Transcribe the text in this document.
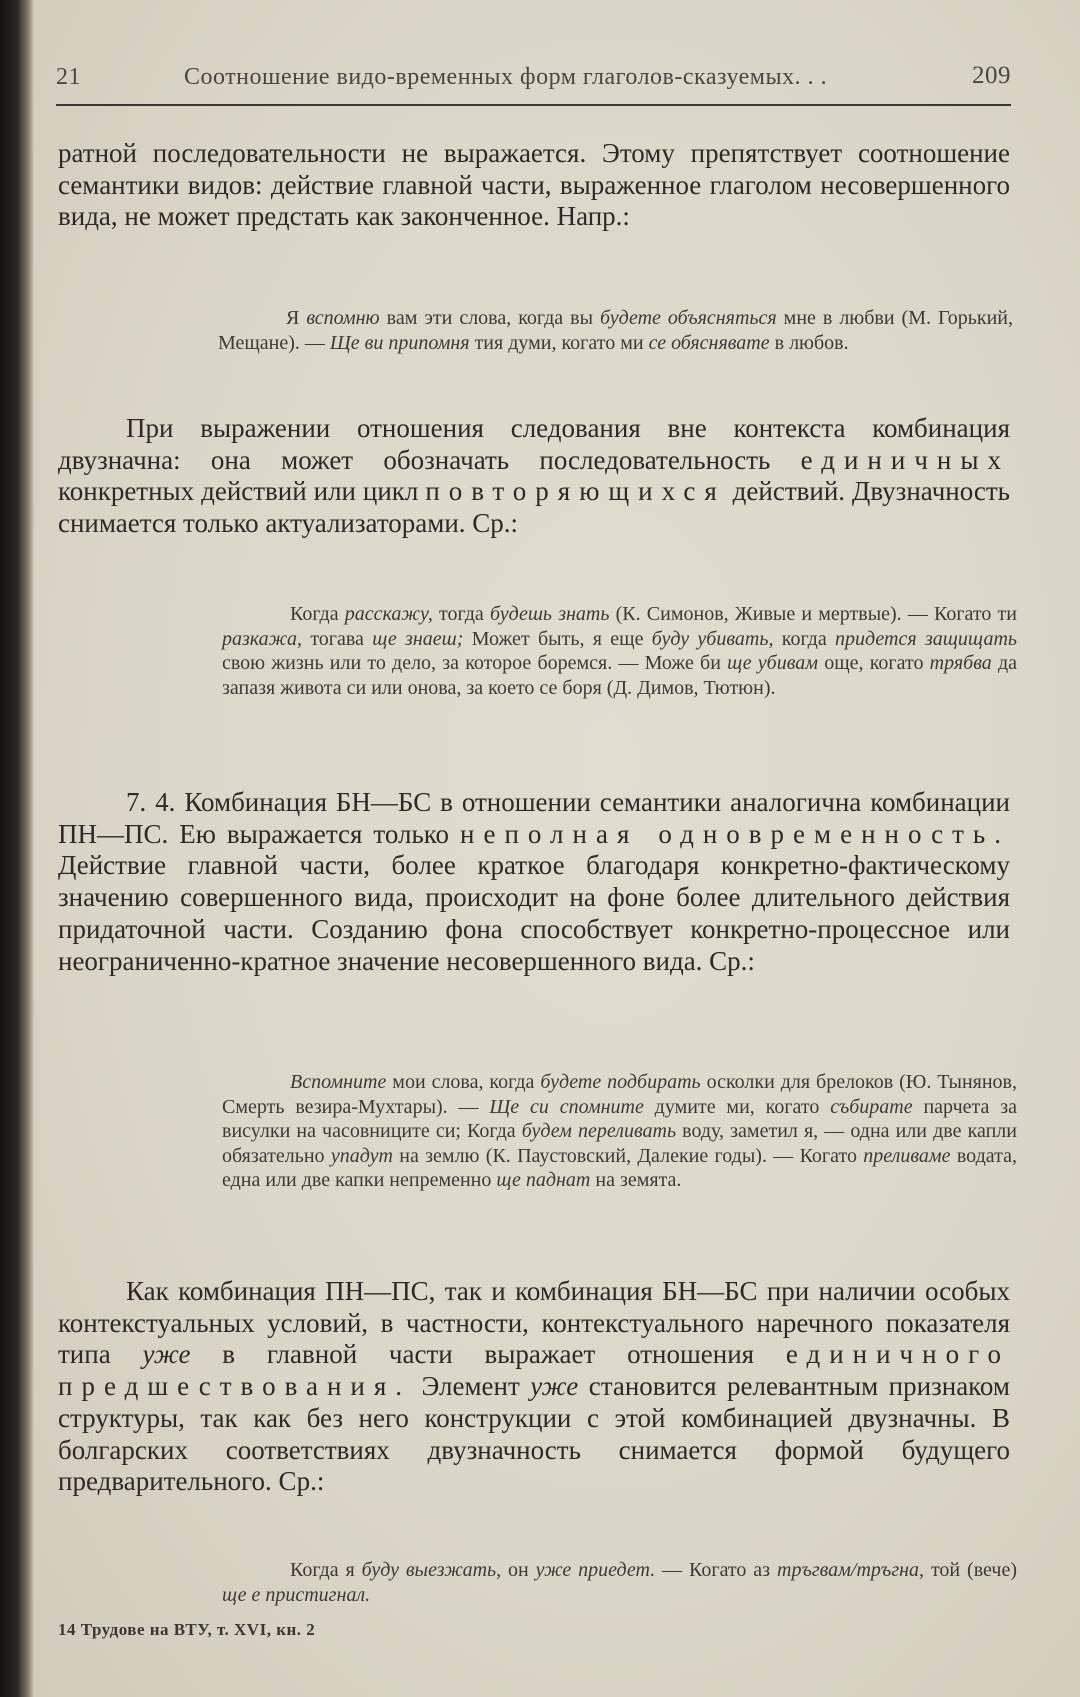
21	Соотношение видо-временных форм глаголов-сказуемых. . .	209

ратной последовательности не выражается. Этому препятствует соотношение семантики видов: действие главной части, выраженное глаголом несовершенного вида, не может предстать как законченное. Напр.:

Я вспомню вам эти слова, когда вы будете объясняться мне в любви (М. Горький, Мещане). — Ще ви припомня тия думи, когато ми се обяснявате в любов.

При выражении отношения следования вне контекста комбинация двузначна: она может обозначать последовательность единичных конкретных действий или цикл повторяющихся действий. Двузначность снимается только актуализаторами. Ср.:

Когда расскажу, тогда будешь знать (К. Симонов, Живые и мертвые). — Когато ти разкажа, тогава ще знаеш; Может быть, я еще буду убивать, когда придется защищать свою жизнь или то дело, за которое боремся. — Може би ще убивам още, когато трябва да запазя живота си или онова, за което се боря (Д. Димов, Тютюн).

7. 4. Комбинация БН—БС в отношении семантики аналогична комбинации ПН—ПС. Ею выражается только неполная одновременность. Действие главной части, более краткое благодаря конкретно-фактическому значению совершенного вида, происходит на фоне более длительного действия придаточной части. Созданию фона способствует конкретно-процессное или неограниченно-кратное значение несовершенного вида. Ср.:

Вспомните мои слова, когда будете подбирать осколки для брелоков (Ю. Тынянов, Смерть везира-Мухтары). — Ще си спомните думите ми, когато събирате парчета за висулки на часовниците си; Когда будем переливать воду, заметил я, — одна или две капли обязательно упадут на землю (К. Паустовский, Далекие годы). — Когато преливаме водата, една или две капки непременно ще паднат на земята.

Как комбинация ПН—ПС, так и комбинация БН—БС при наличии особых контекстуальных условий, в частности, контекстуального наречного показателя типа уже в главной части выражает отношения единичного предшествования. Элемент уже становится релевантным признаком структуры, так как без него конструкции с этой комбинацией двузначны. В болгарских соответствиях двузначность снимается формой будущего предварительного. Ср.:

Когда я буду выезжать, он уже приедет. — Когато аз тръгвам/тръгна, той (вече) ще е пристигнал.

14 Трудове на ВТУ, т. XVI, кн. 2
